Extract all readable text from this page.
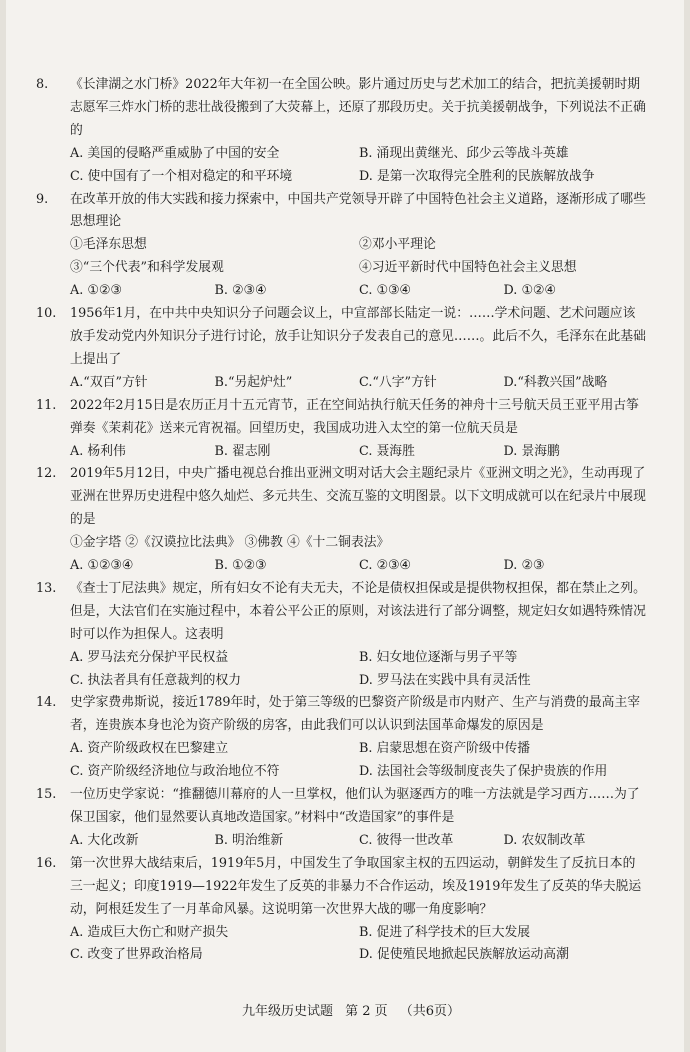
8.	《长津湖之水门桥》2022年大年初一在全国公映。影片通过历史与艺术加工的结合，把抗美援朝时期志愿军三炸水门桥的悲壮战役搬到了大荧幕上，还原了那段历史。关于抗美援朝战争，下列说法不正确的
A. 美国的侵略严重威胁了中国的安全	B. 涌现出黄继光、邱少云等战斗英雄
C. 使中国有了一个相对稳定的和平环境	D. 是第一次取得完全胜利的民族解放战争
9.	在改革开放的伟大实践和接力探索中，中国共产党领导开辟了中国特色社会主义道路，逐渐形成了哪些思想理论
①毛泽东思想	②邓小平理论
③“三个代表”和科学发展观	④习近平新时代中国特色社会主义思想
A. ①②③	B. ②③④	C. ①③④	D. ①②④
10.	1956年1月，在中共中央知识分子问题会议上，中宣部部长陆定一说：……学术问题、艺术问题应该放手发动党内外知识分子进行讨论，放手让知识分子发表自己的意见……。此后不久，毛泽东在此基础上提出了
A.“双百”方针	B.“另起炉灶”	C.“八字”方针	D.“科教兴国”战略
11.	2022年2月15日是农历正月十五元宵节，正在空间站执行航天任务的神舟十三号航天员王亚平用古筝弹奏《茉莉花》送来元宵祝福。回望历史，我国成功进入太空的第一位航天员是
A. 杨利伟	B. 翟志刚	C. 聂海胜	D. 景海鹏
12.	2019年5月12日，中央广播电视总台推出亚洲文明对话大会主题纪录片《亚洲文明之光》，生动再现了亚洲在世界历史进程中悠久灿烂、多元共生、交流互鉴的文明图景。以下文明成就可以在纪录片中展现的是
①金字塔 ②《汉谟拉比法典》 ③佛教 ④《十二铜表法》
A. ①②③④	B. ①②③	C. ②③④	D. ②③
13.	《查士丁尼法典》规定，所有妇女不论有夫无夫，不论是债权担保或是提供物权担保，都在禁止之列。但是，大法官们在实施过程中，本着公平公正的原则，对该法进行了部分调整，规定妇女如遇特殊情况时可以作为担保人。这表明
A. 罗马法充分保护平民权益	B. 妇女地位逐渐与男子平等
C. 执法者具有任意裁判的权力	D. 罗马法在实践中具有灵活性
14.	史学家费弗斯说，接近1789年时，处于第三等级的巴黎资产阶级是市内财产、生产与消费的最高主宰者，连贵族本身也沦为资产阶级的房客，由此我们可以认识到法国革命爆发的原因是
A. 资产阶级政权在巴黎建立	B. 启蒙思想在资产阶级中传播
C. 资产阶级经济地位与政治地位不符	D. 法国社会等级制度丧失了保护贵族的作用
15.	一位历史学家说：“推翻德川幕府的人一旦掌权，他们认为驱逐西方的唯一方法就是学习西方……为了保卫国家，他们显然要认真地改造国家。”材料中“改造国家”的事件是
A. 大化改新	B. 明治维新	C. 彼得一世改革	D. 农奴制改革
16.	第一次世界大战结束后，1919年5月，中国发生了争取国家主权的五四运动，朝鲜发生了反抗日本的三一起义；印度1919—1922年发生了反英的非暴力不合作运动，埃及1919年发生了反英的华夫脱运动，阿根廷发生了一月革命风暴。这说明第一次世界大战的哪一角度影响？
A. 造成巨大伤亡和财产损失	B. 促进了科学技术的巨大发展
C. 改变了世界政治格局	D. 促使殖民地掀起民族解放运动高潮
九年级历史试题 第 2 页 （共6页）
